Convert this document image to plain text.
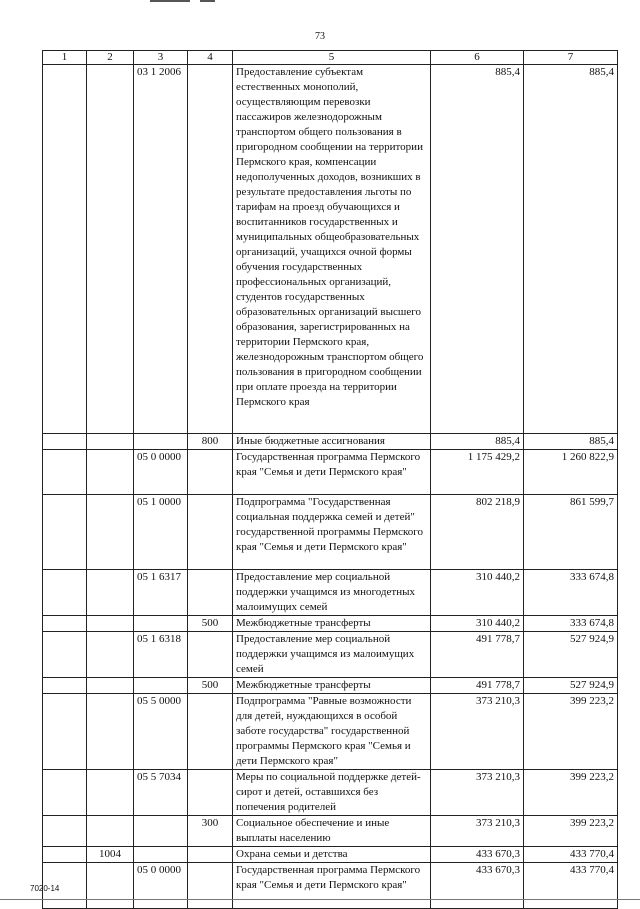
73
1	2	3	4	5	6	7
		03 1 2006		Предоставление субъектам естественных монополий, осуществляющим перевозки пассажиров железнодорожным транспортом общего пользования в пригородном сообщении на территории Пермского края, компенсации недополученных доходов, возникших в результате предоставления льготы по тарифам на проезд обучающихся и воспитанников государственных и муниципальных общеобразовательных организаций, учащихся очной формы обучения государственных профессиональных организаций, студентов государственных образовательных организаций высшего образования, зарегистрированных на территории Пермского края, железнодорожным транспортом общего пользования в пригородном сообщении при оплате проезда на территории Пермского края	885,4	885,4
			800	Иные бюджетные ассигнования	885,4	885,4
		05 0 0000		Государственная программа Пермского края "Семья и дети Пермского края"	1 175 429,2	1 260 822,9
		05 1 0000		Подпрограмма "Государственная социальная поддержка семей и детей" государственной программы Пермского края "Семья и дети Пермского края"	802 218,9	861 599,7
		05 1 6317		Предоставление мер социальной поддержки учащимся из многодетных малоимущих семей	310 440,2	333 674,8
			500	Межбюджетные трансферты	310 440,2	333 674,8
		05 1 6318		Предоставление мер социальной поддержки учащимся из малоимущих семей	491 778,7	527 924,9
			500	Межбюджетные трансферты	491 778,7	527 924,9
		05 5 0000		Подпрограмма "Равные возможности для детей, нуждающихся в особой заботе государства" государственной программы Пермского края "Семья и дети Пермского края"	373 210,3	399 223,2
		05 5 7034		Меры по социальной поддержке детей-сирот и детей, оставшихся без попечения родителей	373 210,3	399 223,2
			300	Социальное обеспечение и иные выплаты населению	373 210,3	399 223,2
	1004			Охрана семьи и детства	433 670,3	433 770,4
		05 0 0000		Государственная программа Пермского края "Семья и дети Пермского края"	433 670,3	433 770,4
7020-14
